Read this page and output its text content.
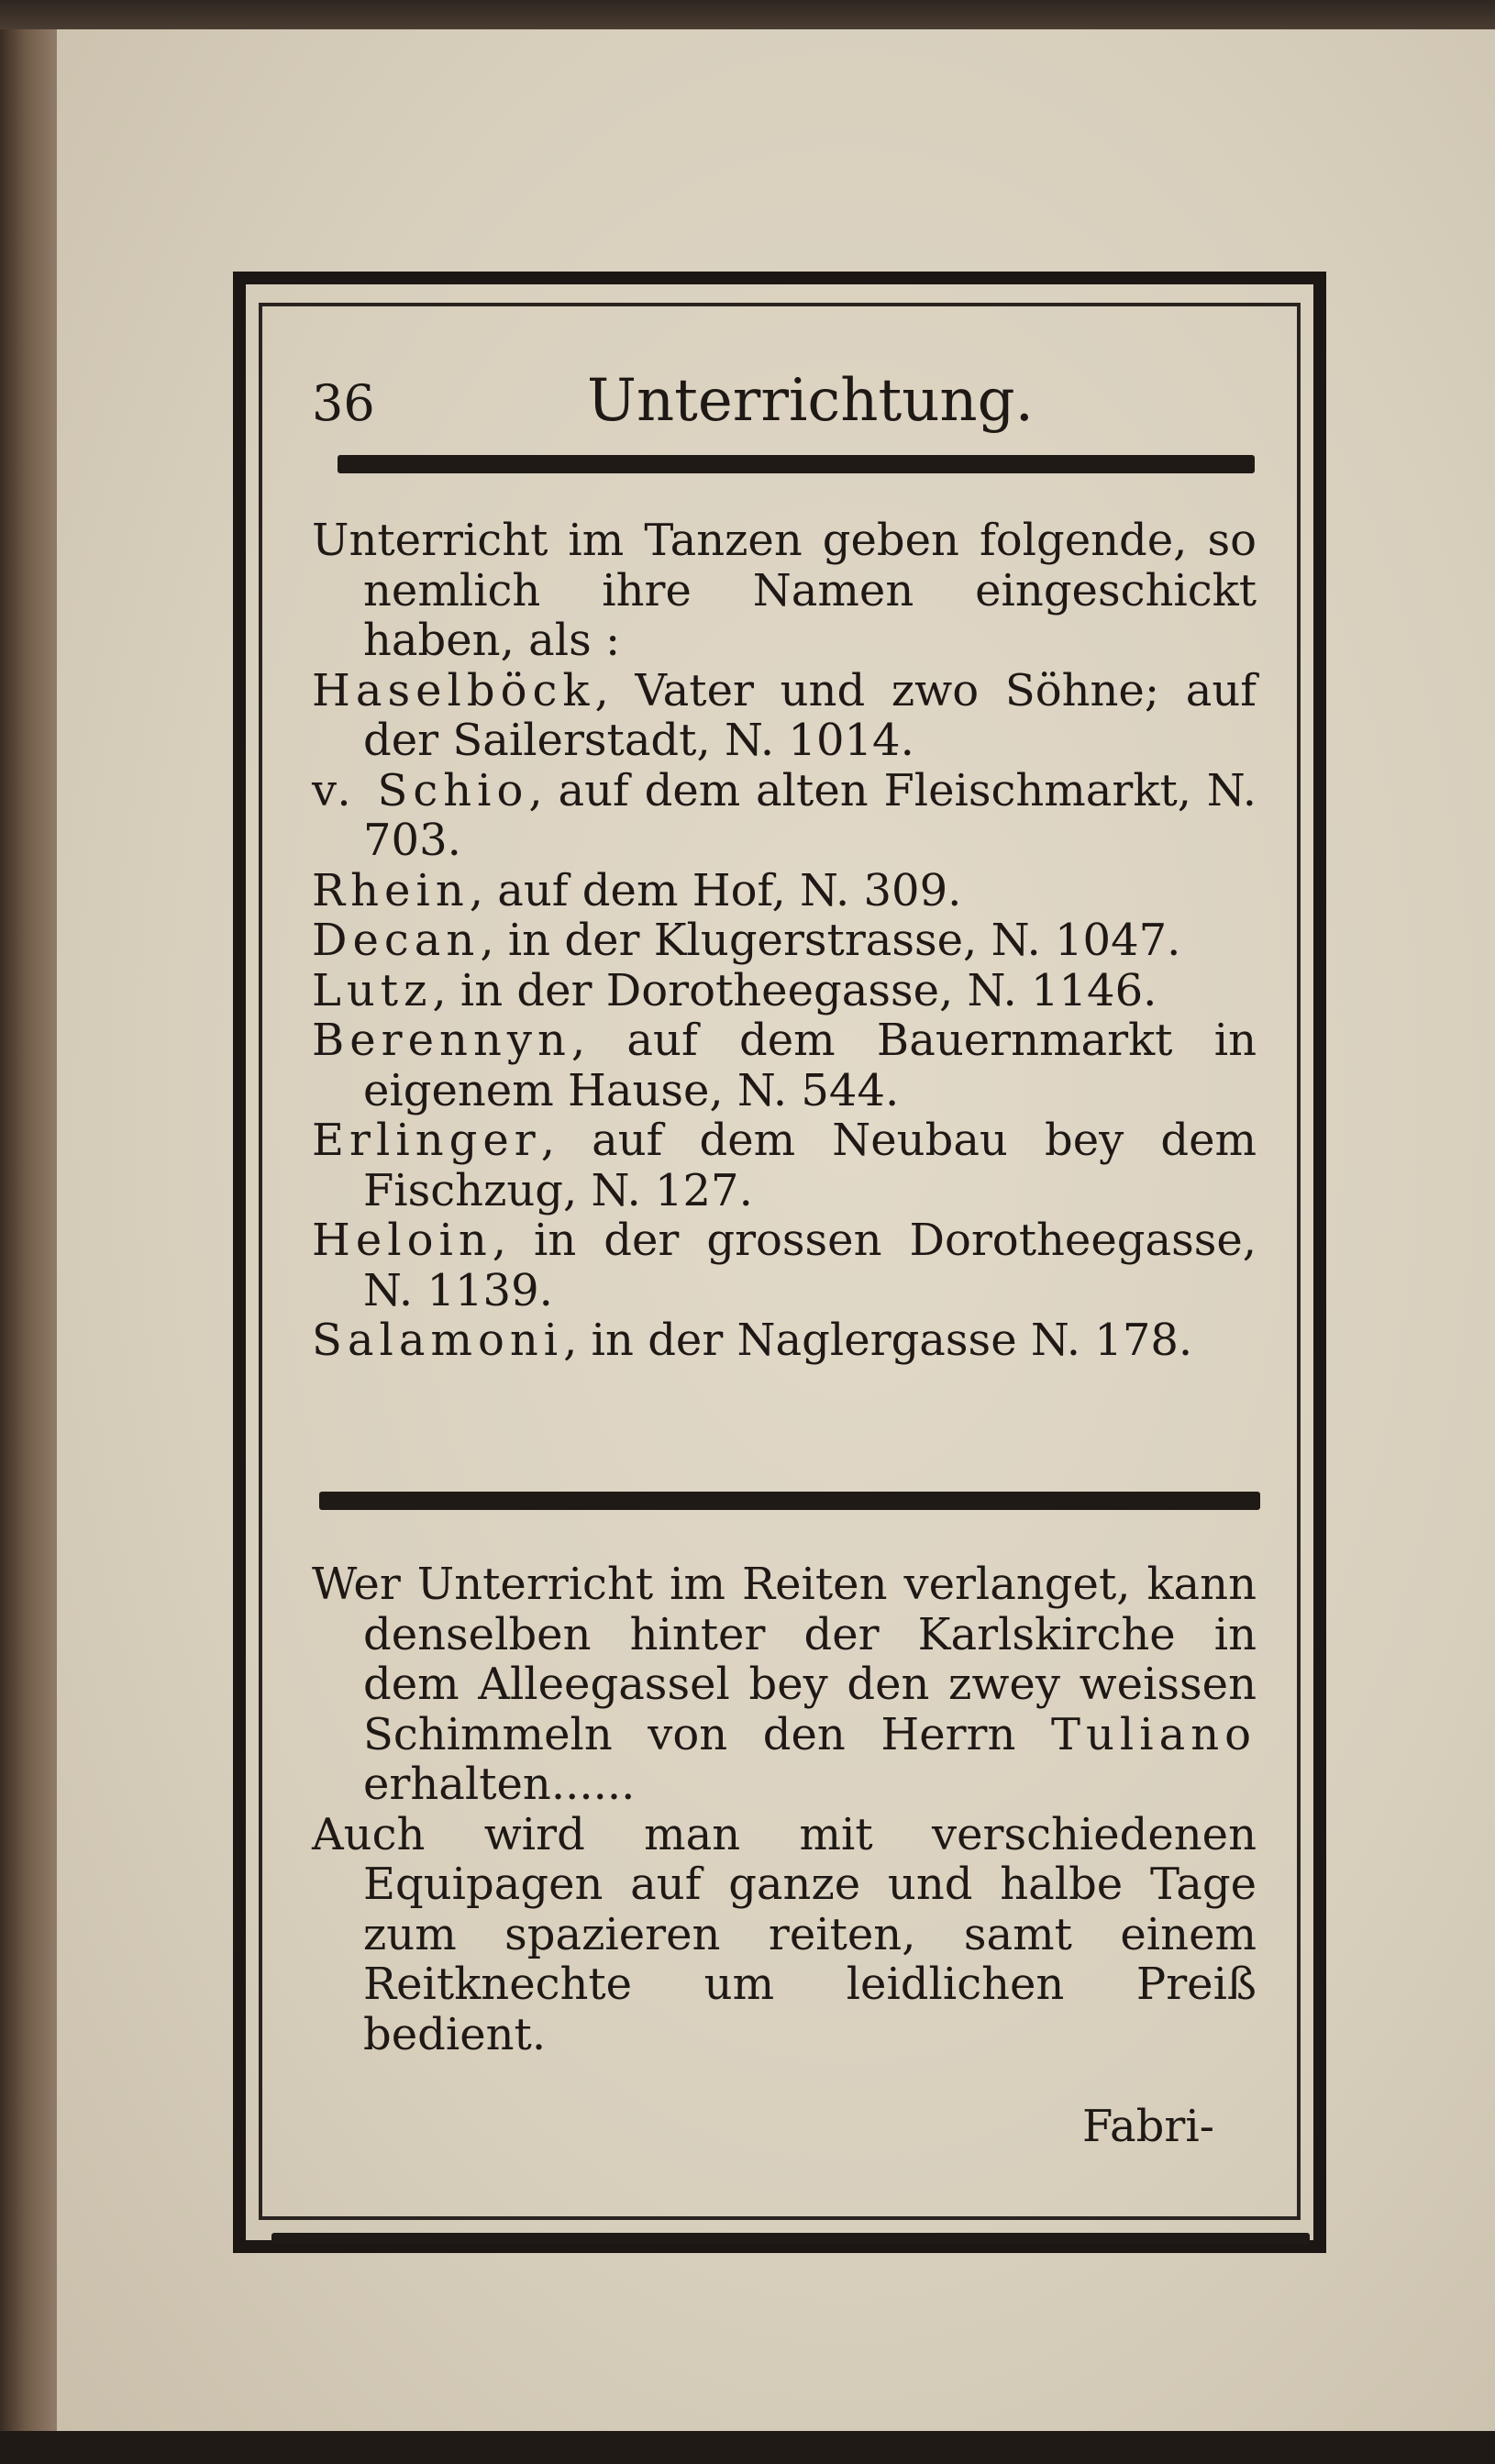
36	Unterrichtung.

Unterricht im Tanzen geben folgende, so nemlich ihre Namen eingeschickt haben, als :

Haselböck, Vater und zwo Söhne; auf der Sailerstadt, N. 1014.

v. Schio, auf dem alten Fleischmarkt, N. 703.

Rhein, auf dem Hof, N. 309.

Decan, in der Klugerstrasse, N. 1047.

Lutz, in der Dorotheegasse, N. 1146.

Berennyn, auf dem Bauernmarkt in eigenem Hause, N. 544.

Erlinger, auf dem Neubau bey dem Fischzug, N. 127.

Heloin, in der grossen Dorotheegasse, N. 1139.

Salamoni, in der Naglergasse N. 178.

Wer Unterricht im Reiten verlanget, kann denselben hinter der Karlskirche in dem Alleegassel bey den zwey weissen Schimmeln von den Herrn Tuliano erhalten......

Auch wird man mit verschiedenen Equipagen auf ganze und halbe Tage zum spazieren reiten, samt einem Reitknechte um leidlichen Preiß bedient.

Fabri-
